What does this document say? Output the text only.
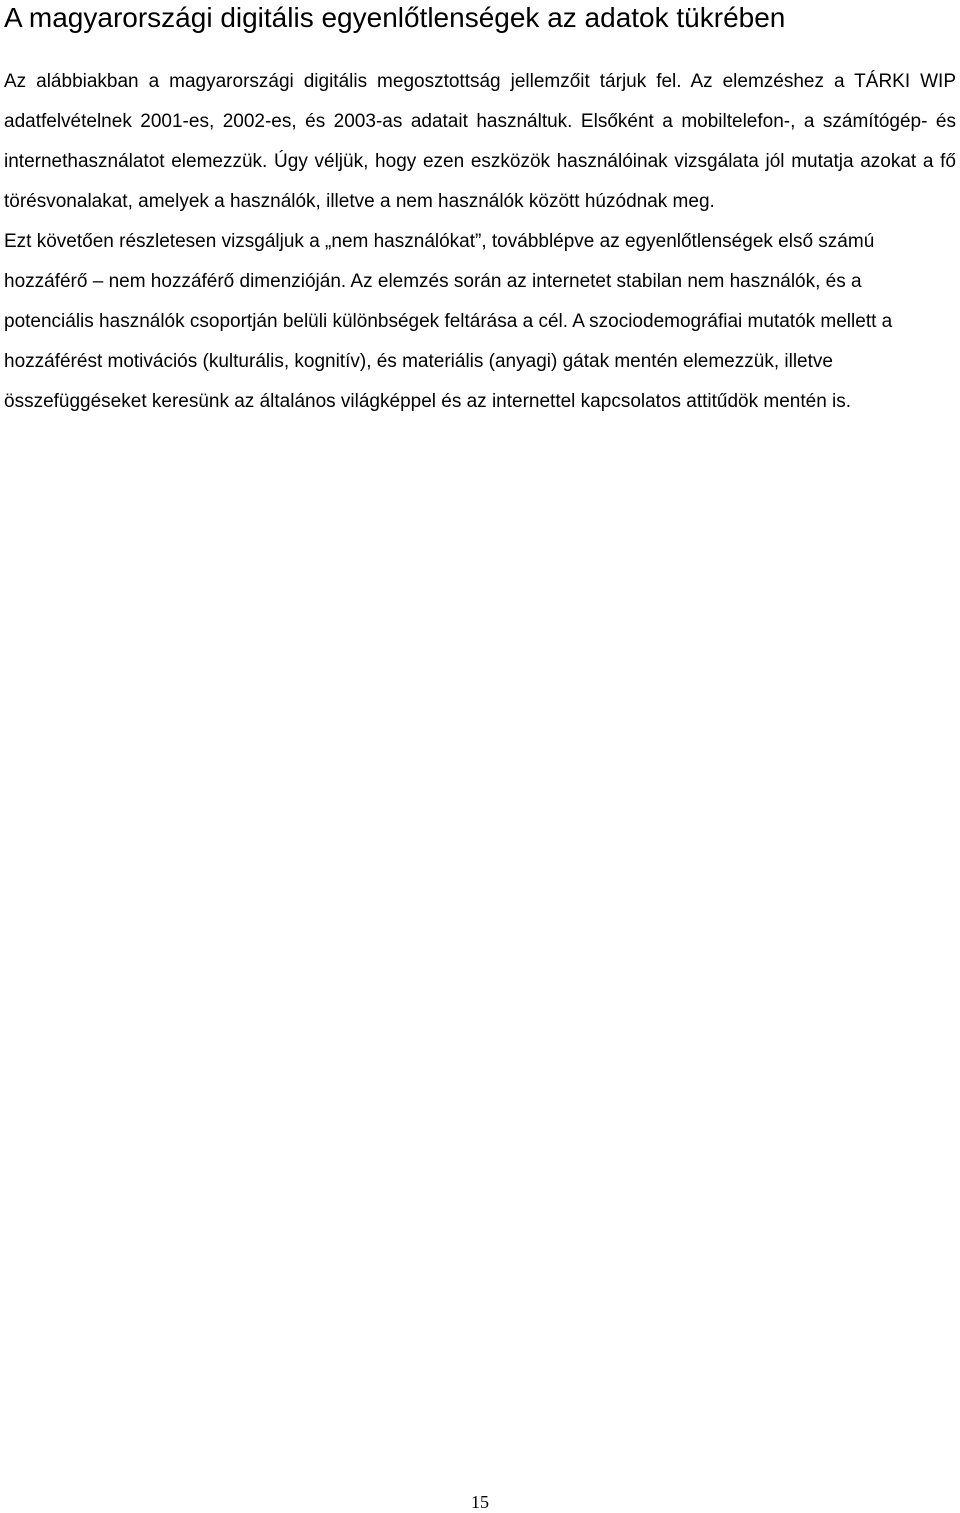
A magyarországi digitális egyenlőtlenségek az adatok tükrében

Az alábbiakban a magyarországi digitális megosztottság jellemzőit tárjuk fel. Az elemzéshez a TÁRKI WIP adatfelvételnek 2001-es, 2002-es, és 2003-as adatait használtuk. Elsőként a mobiltelefon-, a számítógép- és internethasználatot elemezzük. Úgy véljük, hogy ezen eszközök használóinak vizsgálata jól mutatja azokat a fő törésvonalakat, amelyek a használók, illetve a nem használók között húzódnak meg.

Ezt követően részletesen vizsgáljuk a „nem használókat”, továbblépve az egyenlőtlenségek első számú hozzáférő – nem hozzáférő dimenzióján. Az elemzés során az internetet stabilan nem használók, és a potenciális használók csoportján belüli különbségek feltárása a cél. A szociodemográfiai mutatók mellett a hozzáférést motivációs (kulturális, kognitív), és materiális (anyagi) gátak mentén elemezzük, illetve összefüggéseket keresünk az általános világképpel és az internettel kapcsolatos attitűdök mentén is.

15
